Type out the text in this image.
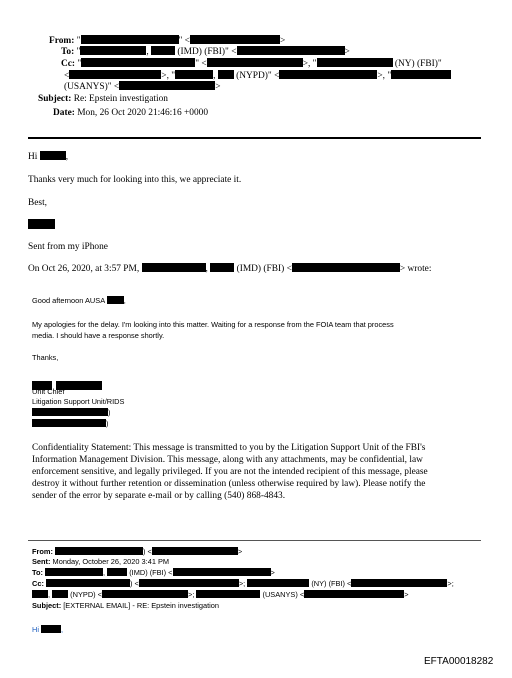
From: "	" <	>
To: "	,	(IMD) (FBI)" <	>
Cc: "	" <	>, "	(NY) (FBI)"
<	>, "	,  (NYPD)" <	>, "
(USANYS)" <	>
Subject: Re: Epstein investigation
Date: Mon, 26 Oct 2020 21:46:16 +0000
Hi	,
Thanks very much for looking into this, we appreciate it.
Best,
Sent from my iPhone
On Oct 26, 2020, at 3:57 PM,	,	(IMD) (FBI) <	> wrote:
Good afternoon AUSA	,
My apologies for the delay. I'm looking into this matter. Waiting for a response from the FOIA team that process
media. I should have a response shortly.
Thanks,

Unit Chief
Litigation Support Unit/RIDS
)
)
Confidentiality Statement: This message is transmitted to you by the Litigation Support Unit of the FBI's
Information Management Division. This message, along with any attachments, may be confidential, law
enforcement sensitive, and legally privileged. If you are not the intended recipient of this message, please
destroy it without further retention or dissemination (unless otherwise required by law). Please notify the
sender of the error by separate e-mail or by calling (540) 868-4843.
From:	) <	>
Sent: Monday, October 26, 2020 3:41 PM
To:	,	(IMD) (FBI) <	>
Cc:	) <	>;	(NY) (FBI) <	>;
,  (NYPD) <	>;	(USANYS) <	>
Subject: [EXTERNAL EMAIL] - RE: Epstein investigation
Hi	,
EFTA00018282
